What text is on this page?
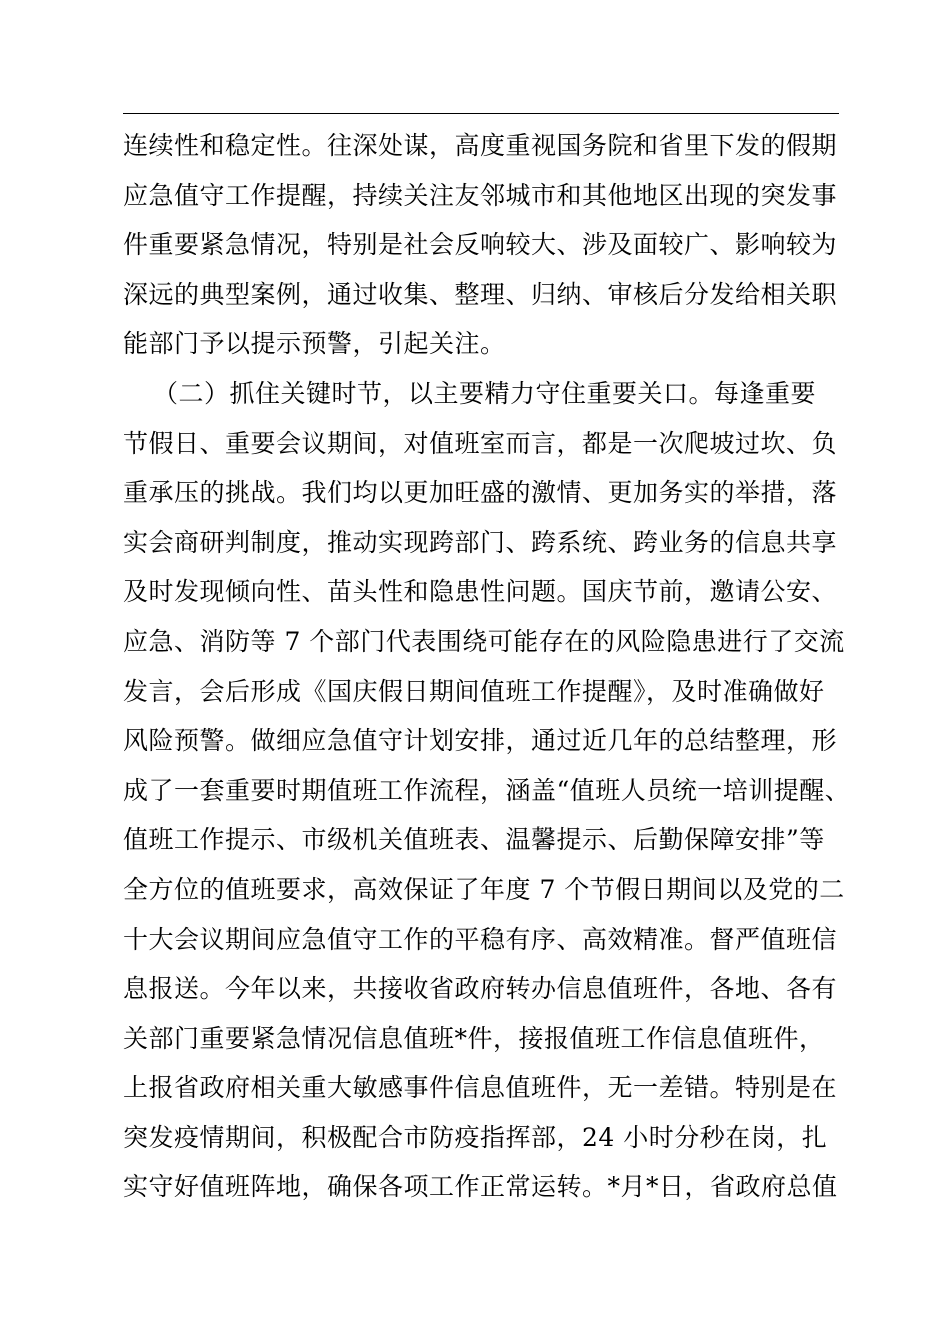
连续性和稳定性。往深处谋，高度重视国务院和省里下发的假期
应急值守工作提醒，持续关注友邻城市和其他地区出现的突发事
件重要紧急情况，特别是社会反响较大、涉及面较广、影响较为
深远的典型案例，通过收集、整理、归纳、审核后分发给相关职
能部门予以提示预警，引起关注。
（二）抓住关键时节，以主要精力守住重要关口。每逢重要
节假日、重要会议期间，对值班室而言，都是一次爬坡过坎、负
重承压的挑战。我们均以更加旺盛的激情、更加务实的举措，落
实会商研判制度，推动实现跨部门、跨系统、跨业务的信息共享
及时发现倾向性、苗头性和隐患性问题。国庆节前，邀请公安、
应急、消防等 7 个部门代表围绕可能存在的风险隐患进行了交流
发言，会后形成《国庆假日期间值班工作提醒》，及时准确做好
风险预警。做细应急值守计划安排，通过近几年的总结整理，形
成了一套重要时期值班工作流程，涵盖“值班人员统一培训提醒、
值班工作提示、市级机关值班表、温馨提示、后勤保障安排”等
全方位的值班要求，高效保证了年度 7 个节假日期间以及党的二
十大会议期间应急值守工作的平稳有序、高效精准。督严值班信
息报送。今年以来，共接收省政府转办信息值班件，各地、各有
关部门重要紧急情况信息值班*件，接报值班工作信息值班件，
上报省政府相关重大敏感事件信息值班件，无一差错。特别是在
突发疫情期间，积极配合市防疫指挥部，24 小时分秒在岗，扎
实守好值班阵地，确保各项工作正常运转。*月*日，省政府总值
